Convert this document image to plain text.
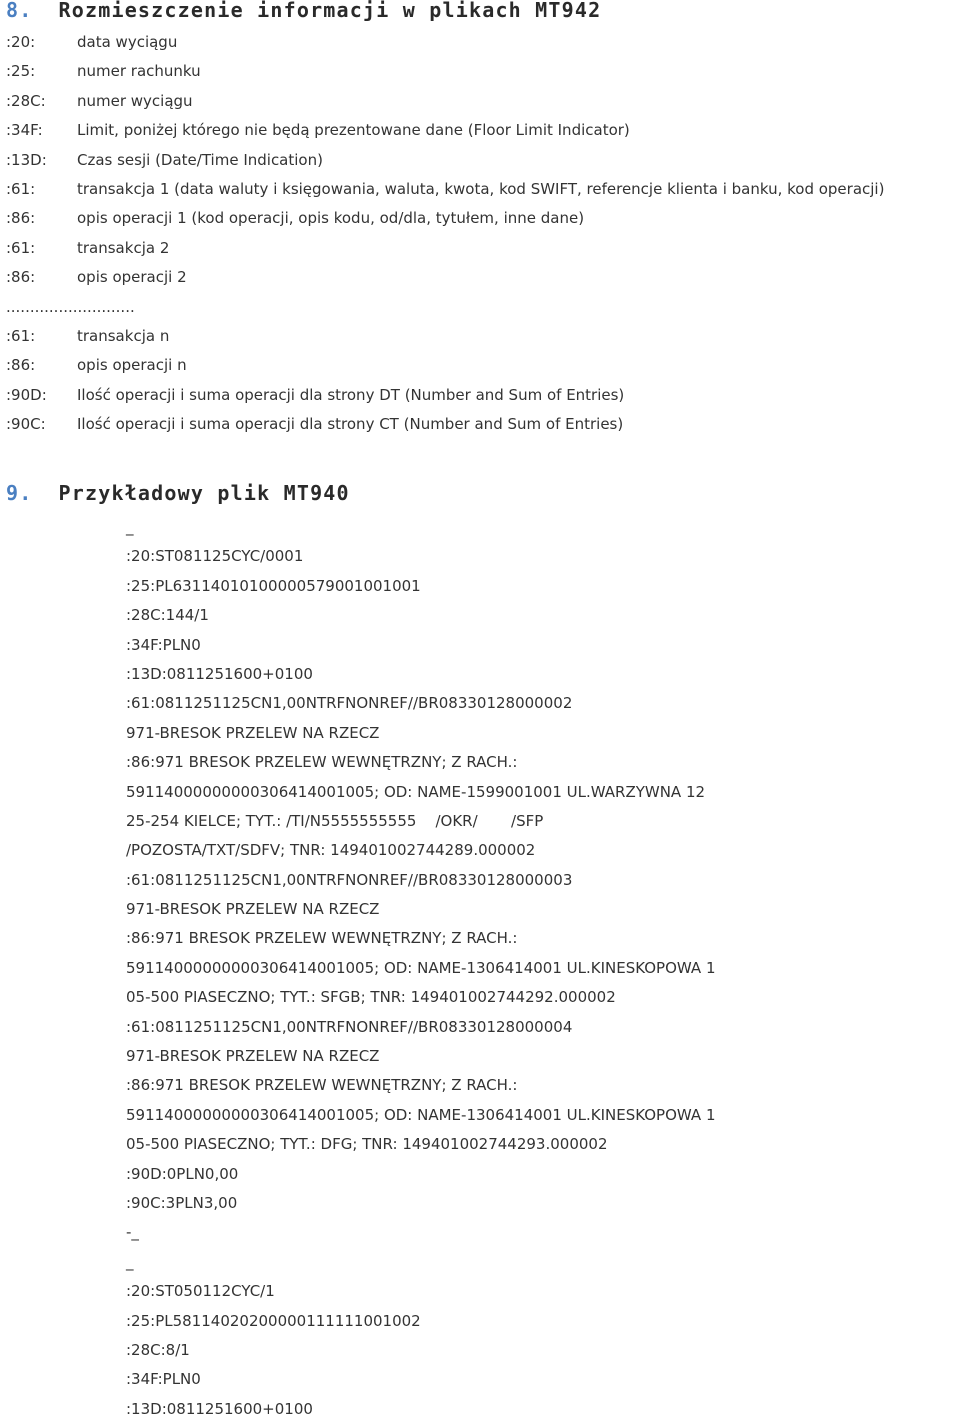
8. Rozmieszczenie informacji w plikach MT942
:20:	data wyciągu
:25:	numer rachunku
:28C: numer wyciągu
:34F: Limit, poniżej którego nie będą prezentowane dane (Floor Limit Indicator)
:13D: Czas sesji (Date/Time Indication)
:61:	transakcja 1 (data waluty i księgowania, waluta, kwota, kod SWIFT, referencje klienta i banku, kod operacji)
:86:	opis operacji 1 (kod operacji, opis kodu, od/dla, tytułem, inne dane)
:61:	transakcja 2
:86:	opis operacji 2
...........................
:61:	transakcja n
:86:	opis operacji n
:90D: Ilość operacji i suma operacji dla strony DT (Number and Sum of Entries)
:90C: Ilość operacji i suma operacji dla strony CT (Number and Sum of Entries)
9. Przykładowy plik MT940
_
:20:ST081125CYC/0001
:25:PL63114010100000579001001001
:28C:144/1
:34F:PLN0
:13D:0811251600+0100
:61:0811251125CN1,00NTRFNONREF//BR08330128000002
971-BRESOK PRZELEW NA RZECZ
:86:971 BRESOK PRZELEW WEWNĘTRZNY; Z RACH.:
59114000000000306414001005; OD: NAME-1599001001 UL.WARZYWNA 12
25-254 KIELCE; TYT.: /TI/N5555555555    /OKR/       /SFP
/POZOSTA/TXT/SDFV; TNR: 149401002744289.000002
:61:0811251125CN1,00NTRFNONREF//BR08330128000003
971-BRESOK PRZELEW NA RZECZ
:86:971 BRESOK PRZELEW WEWNĘTRZNY; Z RACH.:
59114000000000306414001005; OD: NAME-1306414001 UL.KINESKOPOWA 1
05-500 PIASECZNO; TYT.: SFGB; TNR: 149401002744292.000002
:61:0811251125CN1,00NTRFNONREF//BR08330128000004
971-BRESOK PRZELEW NA RZECZ
:86:971 BRESOK PRZELEW WEWNĘTRZNY; Z RACH.:
59114000000000306414001005; OD: NAME-1306414001 UL.KINESKOPOWA 1
05-500 PIASECZNO; TYT.: DFG; TNR: 149401002744293.000002
:90D:0PLN0,00
:90C:3PLN3,00
-_
_
:20:ST050112CYC/1
:25:PL58114020200000111111001002
:28C:8/1
:34F:PLN0
:13D:0811251600+0100
